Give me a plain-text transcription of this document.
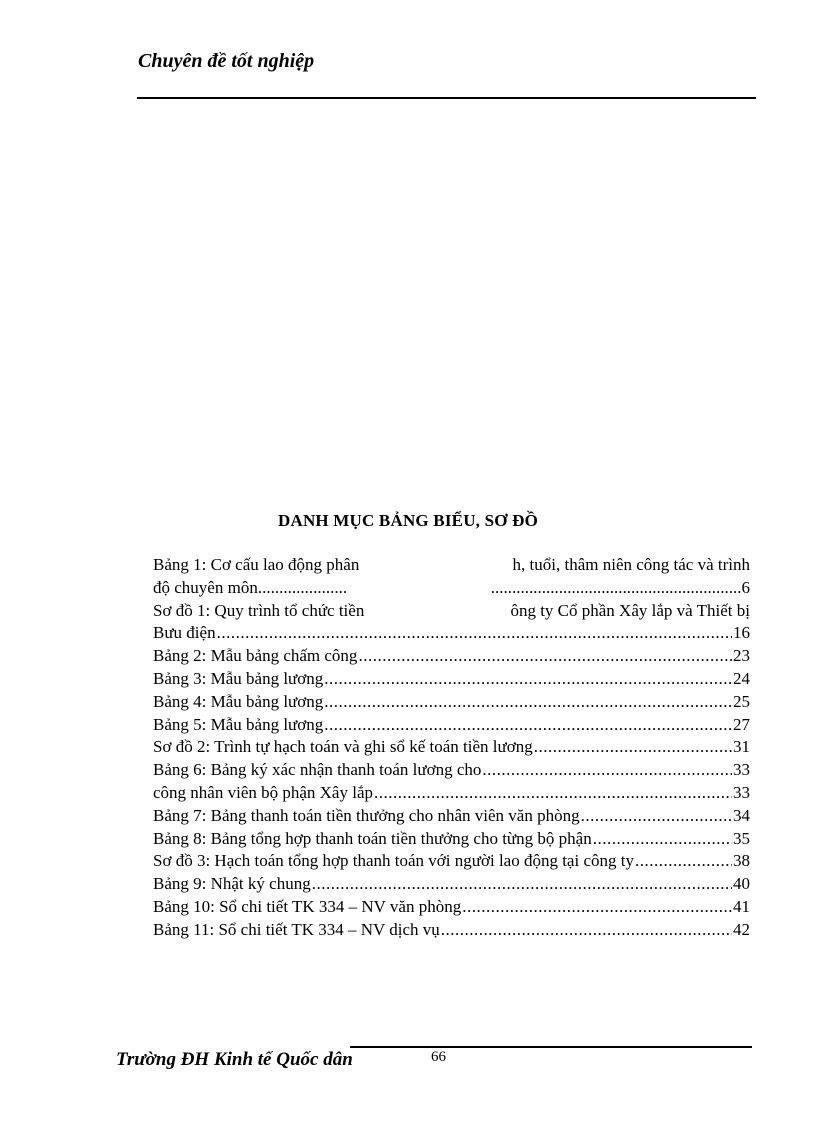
Chuyên đề tốt nghiệp
DANH MỤC BẢNG BIỂU, SƠ ĐỒ
Bảng 1: Cơ cấu lao động phân	h, tuổi, thâm niên công tác và trình
độ chuyên môn.....................	...........................................................6
Sơ đồ 1: Quy trình tổ chức tiền	ông ty Cổ phần Xây lắp và Thiết bị
Bưu điện .....	16
Bảng 2: Mẫu bảng chấm công .....	23
Bảng 3: Mẫu bảng lương .....	24
Bảng 4: Mẫu bảng lương .....	25
Bảng 5: Mẫu bảng lương .....	27
Sơ đồ 2: Trình tự hạch toán và ghi sổ kế toán tiền lương .....	31
Bảng 6: Bảng ký xác nhận thanh toán lương cho .....	33
công nhân viên bộ phận Xây lắp .....	33
Bảng 7: Bảng thanh toán tiền thưởng cho nhân viên văn phòng .....	34
Bảng 8: Bảng tổng hợp thanh toán tiền thưởng cho từng bộ phận .....	35
Sơ đồ 3: Hạch toán tổng hợp thanh toán với người lao động tại công ty .....	38
Bảng 9: Nhật ký chung .....	40
Bảng 10: Sổ chi tiết TK 334 – NV văn phòng .....	41
Bảng 11: Sổ chi tiết TK 334 – NV dịch vụ .....	42
Trường ĐH Kinh tế Quốc dân	66
